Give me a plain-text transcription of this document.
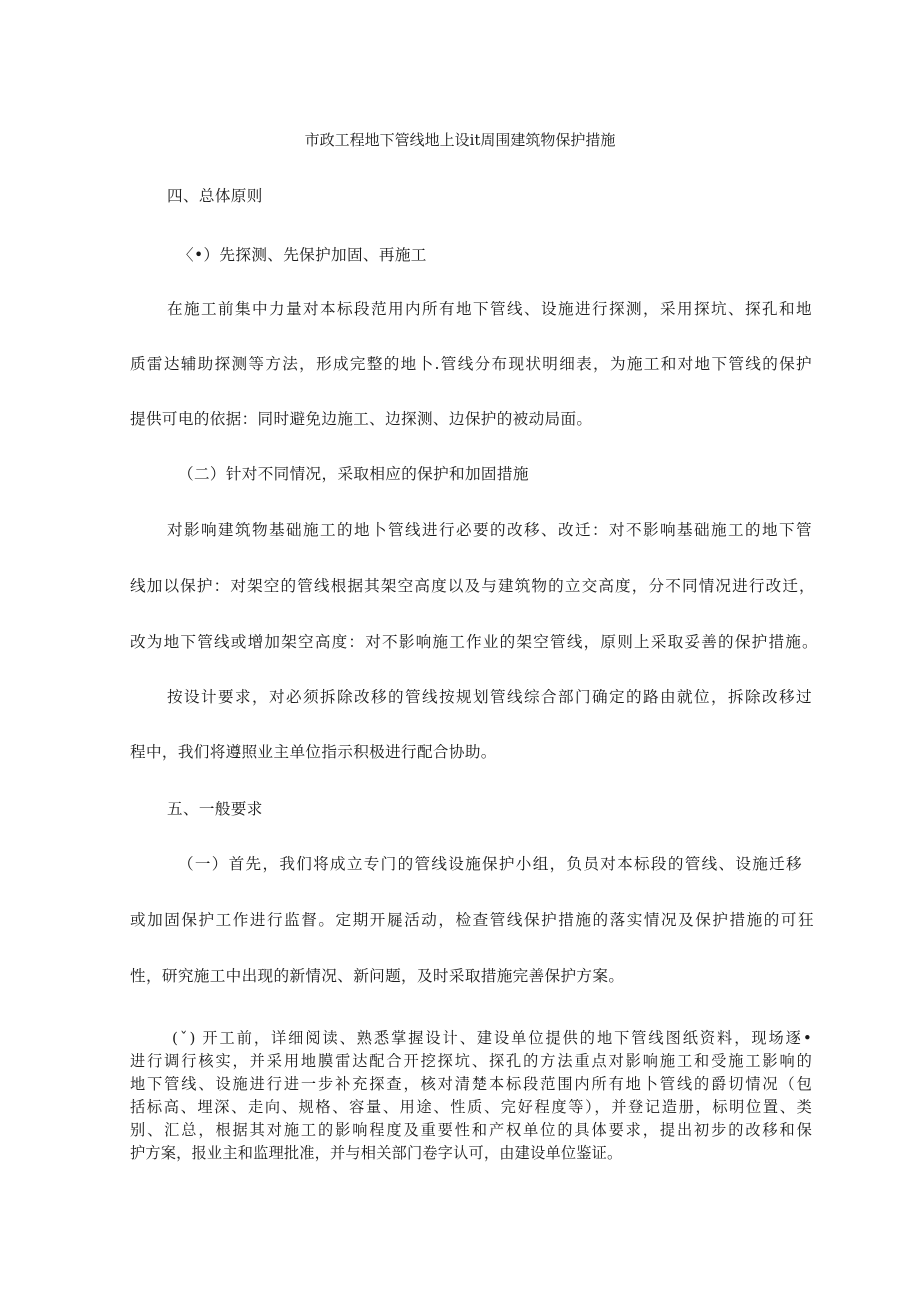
市政工程地下管线地上设it周围建筑物保护措施
四、总体原则
〈•）先探测、先保护加固、再施工
在施工前集中力量对本标段范用内所有地下管线、设施进行探测，采用探坑、探孔和地
质雷达辅助探测等方法，形成完整的地卜.管线分布现状明细表，为施工和对地下管线的保护
提供可电的依据：同时避免边施工、边探测、边保护的被动局面。
（二）针对不同情况，采取相应的保护和加固措施
对影响建筑物基础施工的地卜管线进行必要的改移、改迁：对不影响基础施工的地下管
线加以保护：对架空的管线根据其架空高度以及与建筑物的立交高度，分不同情况进行改迁，
改为地下管线或增加架空高度：对不影响施工作业的架空管线，原则上采取妥善的保护措施。
按设计要求，对必须拆除改移的管线按规划管线综合部门确定的路由就位，拆除改移过
程中，我们将遵照业主单位指示积极进行配合协助。
五、一般要求
（一）首先，我们将成立专门的管线设施保护小组，负员对本标段的管线、设施迁移
或加固保护工作进行监督。定期开屣活动，检查管线保护措施的落实情况及保护措施的可狂
性，研究施工中出现的新情况、新问题，及时采取措施完善保护方案。
(ˇ) 开工前，详细阅读、熟悉掌握设计、建设单位提供的地下管线图纸资料，现场逐•
进行调行核实，并采用地膜雷达配合开挖探坑、探孔的方法重点对影响施工和受施工影响的
地下管线、设施进行进一步补充探查，核对清楚本标段范围内所有地卜管线的爵切情况（包
括标高、埋深、走向、规格、容量、用途、性质、完好程度等），并登记造册，标明位置、类
别、汇总，根据其对施工的影响程度及重要性和产权单位的具体要求，提出初步的改移和保
护方案，报业主和监理批准，并与相关部门卷字认可，由建设单位鉴证。
